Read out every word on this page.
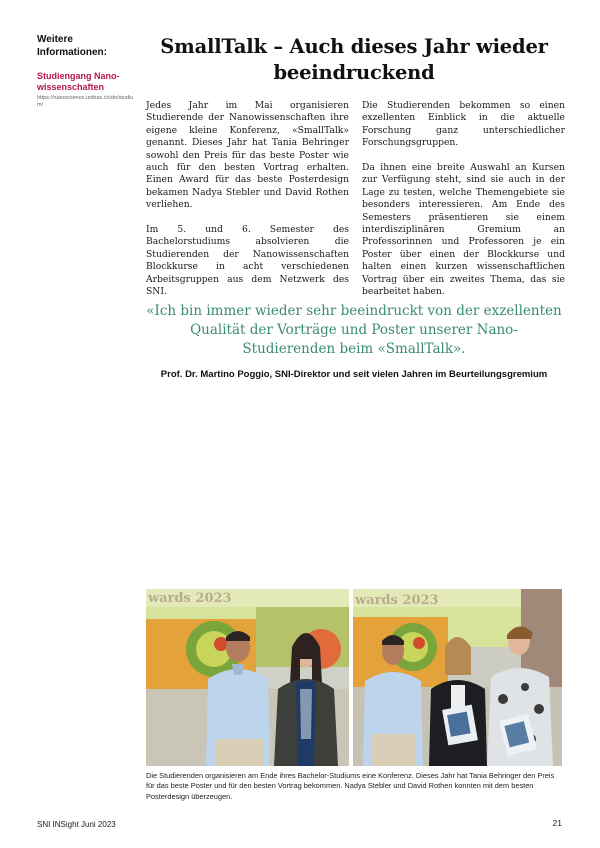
Weitere Informationen:
Studiengang Nano-wissenschaften
https://nanoscience.unibas.ch/de/studium/
SmallTalk – Auch dieses Jahr wieder beeindruckend

Jedes Jahr im Mai organisieren Studierende der Nanowissenschaften ihre eigene kleine Konferenz, «SmallTalk» genannt. Dieses Jahr hat Tania Behringer sowohl den Preis für das beste Poster wie auch für den besten Vortrag erhalten. Einen Award für das beste Posterdesign bekamen Nadya Stebler und David Rothen verliehen.

Im 5. und 6. Semester des Bachelorstudiums absolvieren die Studierenden der Nanowissenschaften Blockkurse in acht verschiedenen Arbeitsgruppen aus dem Netzwerk des SNI.

Die Studierenden bekommen so einen exzellenten Einblick in die aktuelle Forschung ganz unterschiedlicher Forschungsgruppen.

Da ihnen eine breite Auswahl an Kursen zur Verfügung steht, sind sie auch in der Lage zu testen, welche Themengebiete sie besonders interessieren. Am Ende des Semesters präsentieren sie einem interdisziplinären Gremium an Professorinnen und Professoren je ein Poster über einen der Blockkurse und halten einen kurzen wissenschaftlichen Vortrag über ein zweites Thema, das sie bearbeitet haben.

«Ich bin immer wieder sehr beeindruckt von der exzellenten Qualität der Vorträge und Poster unserer Nano-Studierenden beim «SmallTalk».
Prof. Dr. Martino Poggio, SNI-Direktor und seit vielen Jahren im Beurteilungsgremium
wards 2023	wards 2023
Die Studierenden organisieren am Ende ihres Bachelor-Studiums eine Konferenz. Dieses Jahr hat Tania Behringer den Preis für das beste Poster und für den besten Vortrag bekommen. Nadya Stebler und David Rothen konnten mit dem besten Posterdesign überzeugen.
SNI INSight Juni 2023	21
